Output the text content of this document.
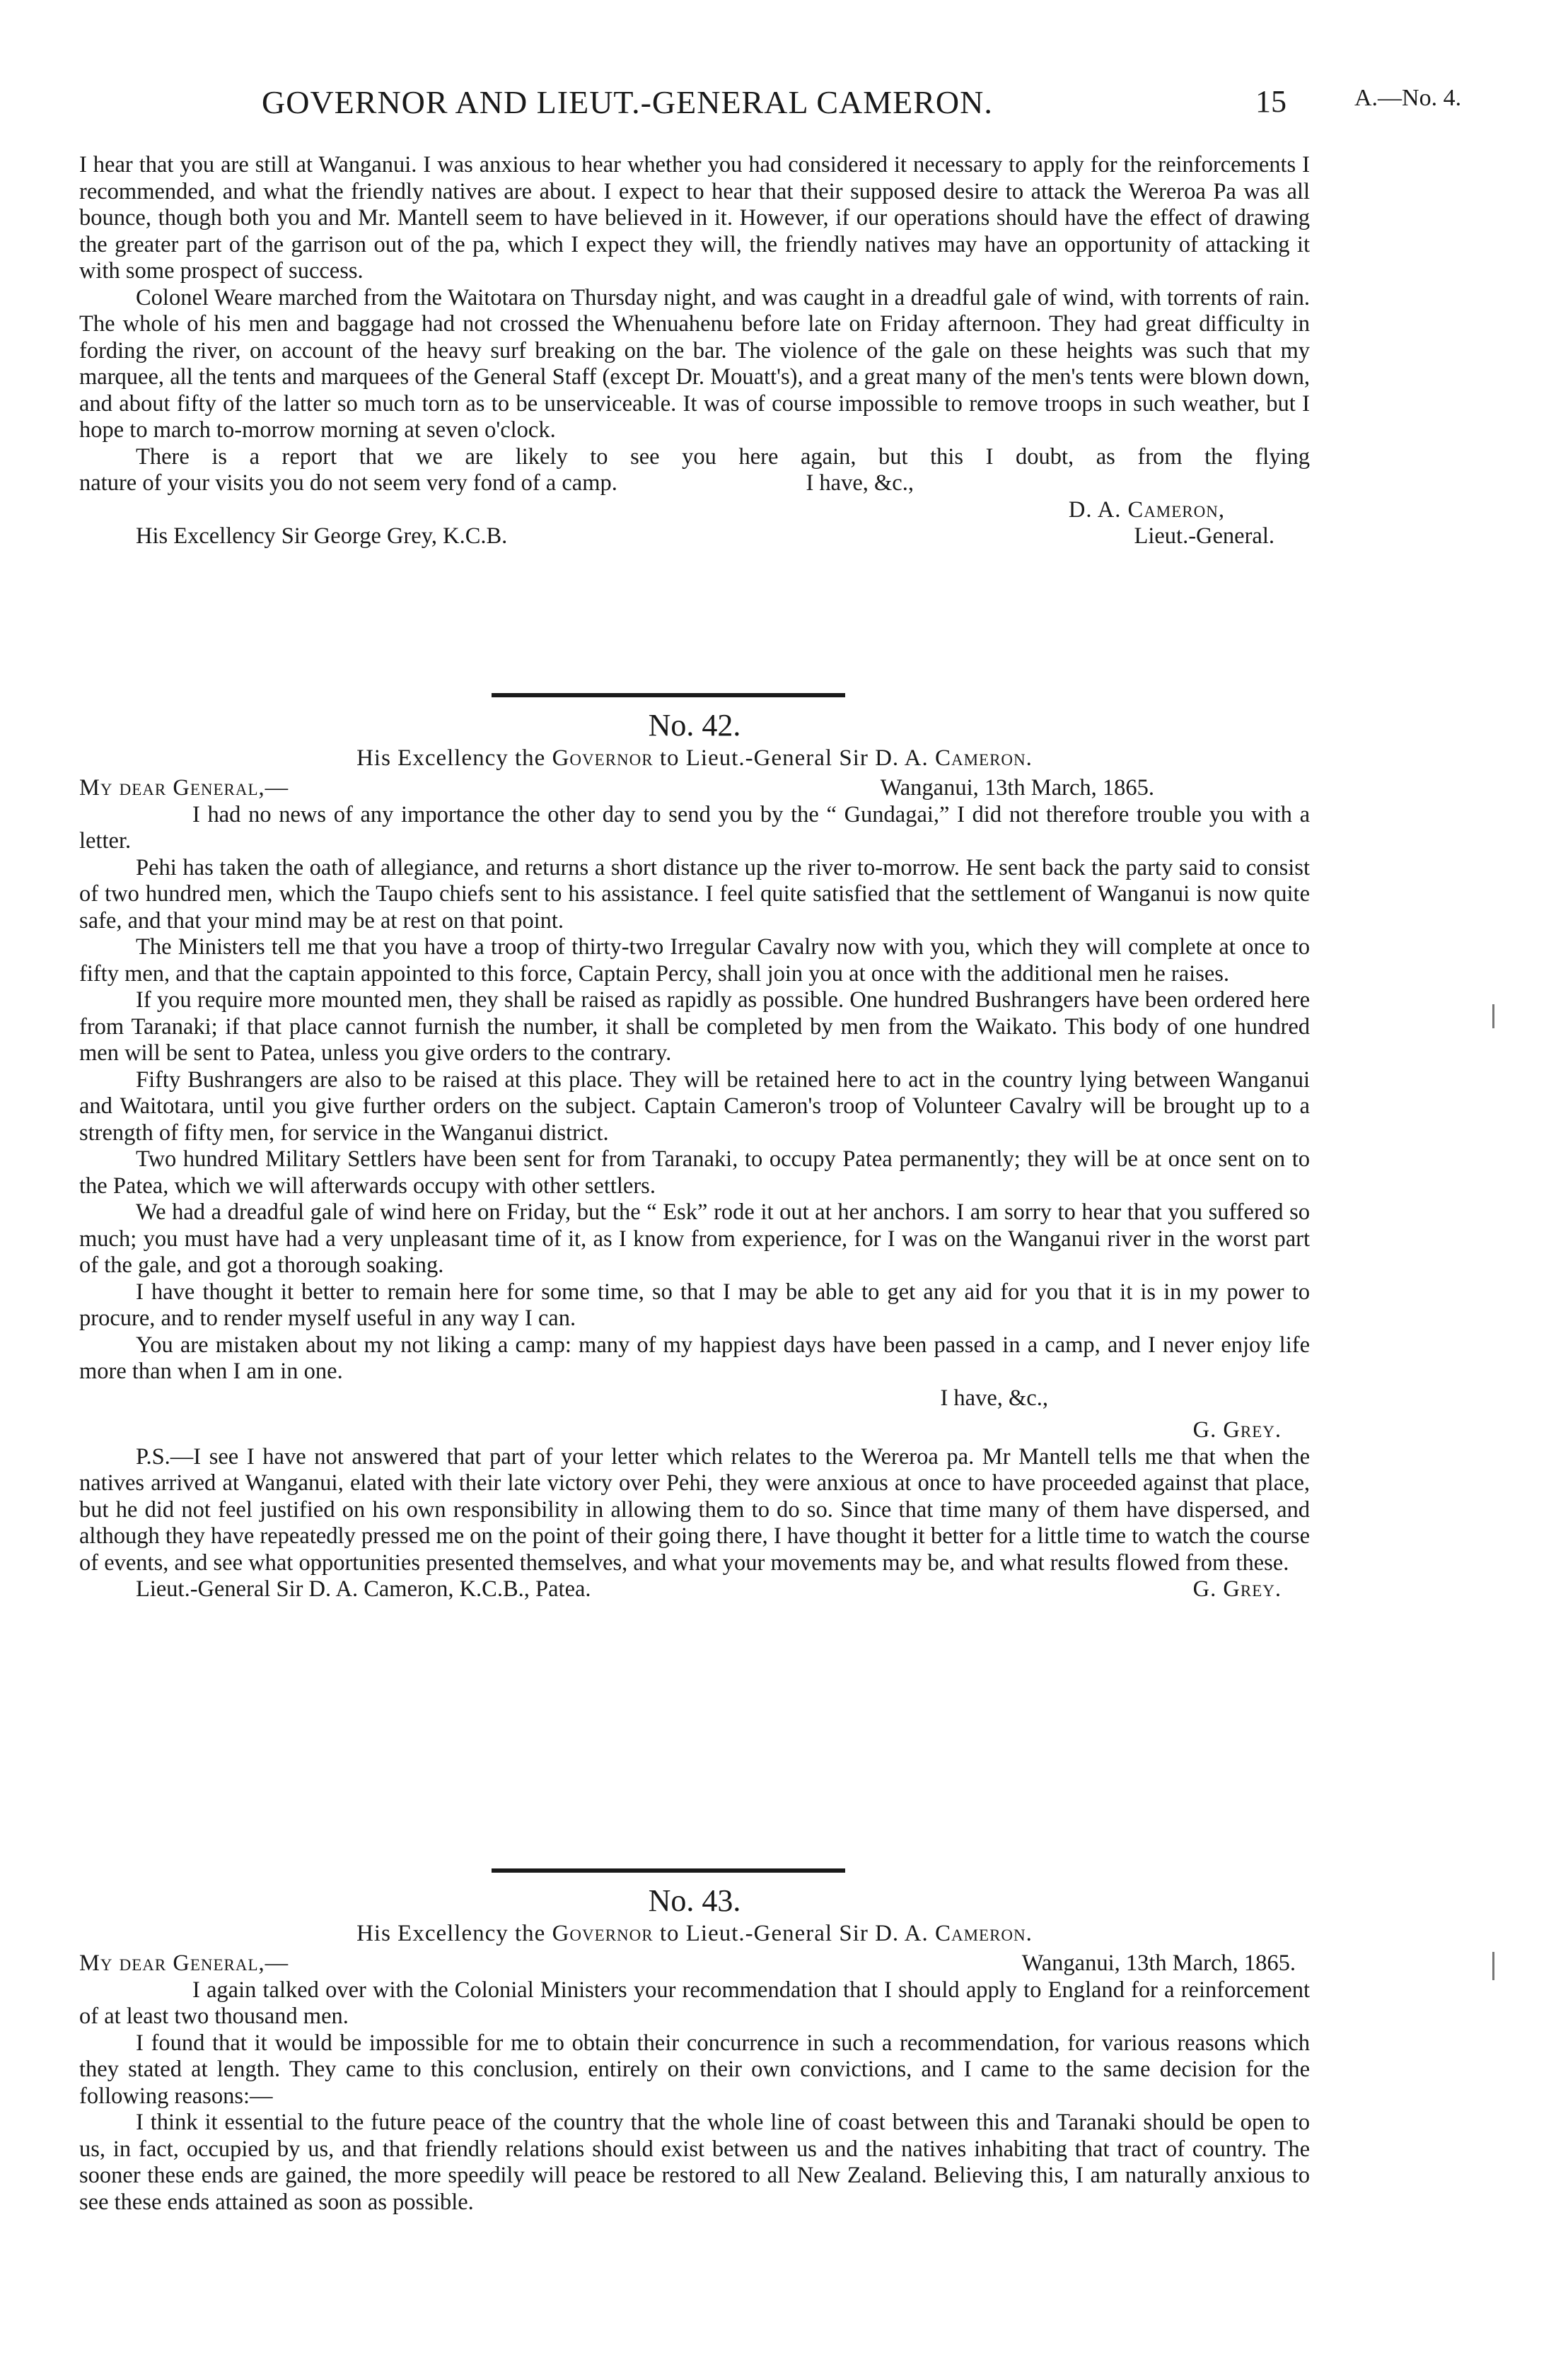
GOVERNOR AND LIEUT.-GENERAL CAMERON.	15	A.—No. 4.

I hear that you are still at Wanganui. I was anxious to hear whether you had considered it necessary to apply for the reinforcements I recommended, and what the friendly natives are about. I expect to hear that their supposed desire to attack the Wereroa Pa was all bounce, though both you and Mr. Mantell seem to have believed in it. However, if our operations should have the effect of drawing the greater part of the garrison out of the pa, which I expect they will, the friendly natives may have an opportunity of attacking it with some prospect of success.

Colonel Weare marched from the Waitotara on Thursday night, and was caught in a dreadful gale of wind, with torrents of rain. The whole of his men and baggage had not crossed the Whenuahenu before late on Friday afternoon. They had great difficulty in fording the river, on account of the heavy surf breaking on the bar. The violence of the gale on these heights was such that my marquee, all the tents and marquees of the General Staff (except Dr. Mouatt's), and a great many of the men's tents were blown down, and about fifty of the latter so much torn as to be unserviceable. It was of course impossible to remove troops in such weather, but I hope to march to-morrow morning at seven o'clock.

There is a report that we are likely to see you here again, but this I doubt, as from the flying

nature of your visits you do not seem very fond of a camp.	I have, &c.,
D. A. Cameron,
His Excellency Sir George Grey, K.C.B.	Lieut.-General.

No. 42.

His Excellency the Governor to Lieut.-General Sir D. A. Cameron.

My dear General,—	Wanganui, 13th March, 1865.

I had no news of any importance the other day to send you by the “ Gundagai,” I did not therefore trouble you with a letter.

Pehi has taken the oath of allegiance, and returns a short distance up the river to-morrow. He sent back the party said to consist of two hundred men, which the Taupo chiefs sent to his assistance. I feel quite satisfied that the settlement of Wanganui is now quite safe, and that your mind may be at rest on that point.

The Ministers tell me that you have a troop of thirty-two Irregular Cavalry now with you, which they will complete at once to fifty men, and that the captain appointed to this force, Captain Percy, shall join you at once with the additional men he raises.

If you require more mounted men, they shall be raised as rapidly as possible. One hundred Bushrangers have been ordered here from Taranaki; if that place cannot furnish the number, it shall be completed by men from the Waikato. This body of one hundred men will be sent to Patea, unless you give orders to the contrary.

Fifty Bushrangers are also to be raised at this place. They will be retained here to act in the country lying between Wanganui and Waitotara, until you give further orders on the subject. Captain Cameron's troop of Volunteer Cavalry will be brought up to a strength of fifty men, for service in the Wanganui district.

Two hundred Military Settlers have been sent for from Taranaki, to occupy Patea permanently; they will be at once sent on to the Patea, which we will afterwards occupy with other settlers.

We had a dreadful gale of wind here on Friday, but the “ Esk” rode it out at her anchors. I am sorry to hear that you suffered so much; you must have had a very unpleasant time of it, as I know from experience, for I was on the Wanganui river in the worst part of the gale, and got a thorough soaking.

I have thought it better to remain here for some time, so that I may be able to get any aid for you that it is in my power to procure, and to render myself useful in any way I can.

You are mistaken about my not liking a camp: many of my happiest days have been passed in a camp, and I never enjoy life more than when I am in one.

I have, &c.,
G. Grey.

P.S.—I see I have not answered that part of your letter which relates to the Wereroa pa. Mr Mantell tells me that when the natives arrived at Wanganui, elated with their late victory over Pehi, they were anxious at once to have proceeded against that place, but he did not feel justified on his own responsibility in allowing them to do so. Since that time many of them have dispersed, and although they have repeatedly pressed me on the point of their going there, I have thought it better for a little time to watch the course of events, and see what opportunities presented themselves, and what your movements may be, and what results flowed from these.

Lieut.-General Sir D. A. Cameron, K.C.B., Patea.	G. Grey.

No. 43.

His Excellency the Governor to Lieut.-General Sir D. A. Cameron.

My dear General,—	Wanganui, 13th March, 1865.

I again talked over with the Colonial Ministers your recommendation that I should apply to England for a reinforcement of at least two thousand men.

I found that it would be impossible for me to obtain their concurrence in such a recommendation, for various reasons which they stated at length. They came to this conclusion, entirely on their own convictions, and I came to the same decision for the following reasons:—

I think it essential to the future peace of the country that the whole line of coast between this and Taranaki should be open to us, in fact, occupied by us, and that friendly relations should exist between us and the natives inhabiting that tract of country. The sooner these ends are gained, the more speedily will peace be restored to all New Zealand. Believing this, I am naturally anxious to see these ends attained as soon as possible.
